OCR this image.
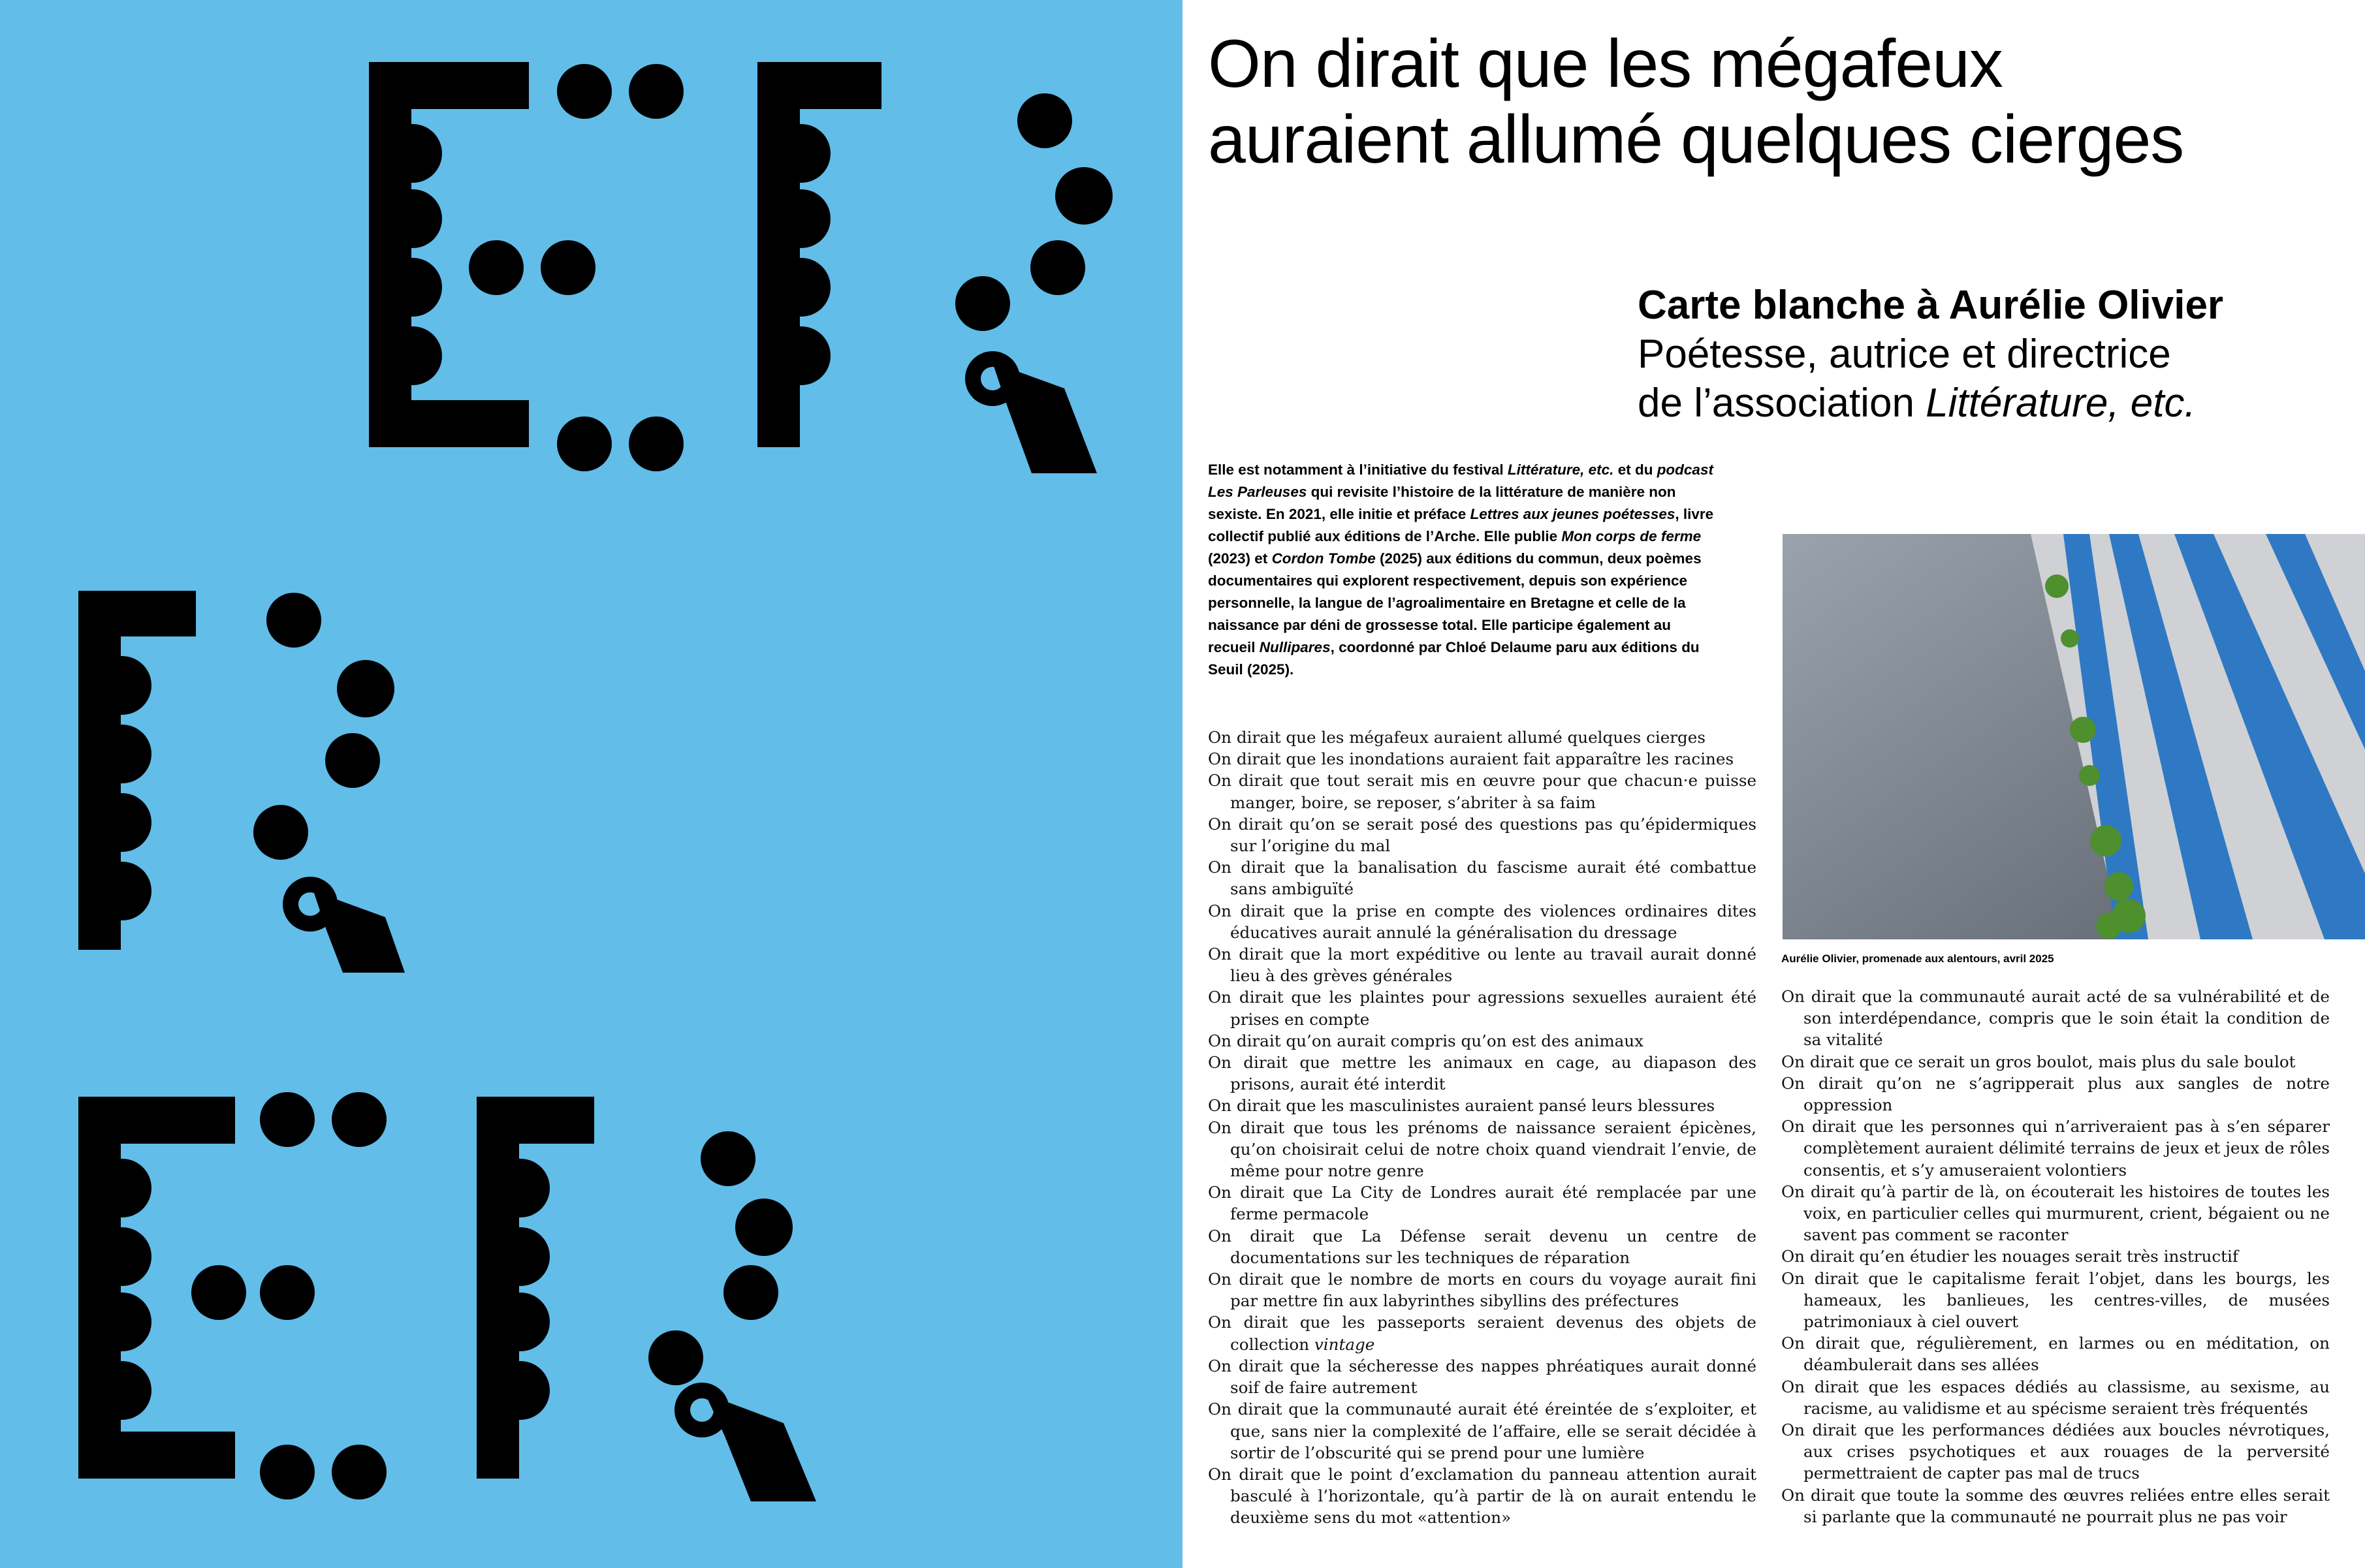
On dirait que les mégafeux
auraient allumé quelques cierges
Carte blanche à Aurélie Olivier
Poétesse, autrice et directrice
de l’association Littérature, etc.

Elle est notamment à l’initiative du festival Littérature, etc. et du podcast Les Parleuses qui revisite l’histoire de la littérature de manière non sexiste. En 2021, elle initie et préface Lettres aux jeunes poétesses, livre collectif publié aux éditions de l’Arche. Elle publie Mon corps de ferme (2023) et Cordon Tombe (2025) aux éditions du commun, deux poèmes documentaires qui explorent respectivement, depuis son expérience personnelle, la langue de l’agroalimentaire en Bretagne et celle de la naissance par déni de grossesse total. Elle participe également au recueil Nullipares, coordonné par Chloé Delaume paru aux éditions du Seuil (2025).

Aurélie Olivier, promenade aux alentours, avril 2025
On dirait que les mégafeux auraient allumé quelques cierges
On dirait que les inondations auraient fait apparaître les racines
On dirait que tout serait mis en œuvre pour que chacun·e puisse manger, boire, se reposer, s’abriter à sa faim
On dirait qu’on se serait posé des questions pas qu’épidermiques sur l’origine du mal
On dirait que la banalisation du fascisme aurait été combattue sans ambiguïté
On dirait que la prise en compte des violences ordinaires dites éducatives aurait annulé la généralisation du dressage
On dirait que la mort expéditive ou lente au travail aurait donné lieu à des grèves générales
On dirait que les plaintes pour agressions sexuelles auraient été prises en compte
On dirait qu’on aurait compris qu’on est des animaux
On dirait que mettre les animaux en cage, au diapason des prisons, aurait été interdit
On dirait que les masculinistes auraient pansé leurs blessures
On dirait que tous les prénoms de naissance seraient épicènes, qu’on choisirait celui de notre choix quand viendrait l’envie, de même pour notre genre
On dirait que La City de Londres aurait été remplacée par une ferme permacole
On dirait que La Défense serait devenu un centre de documentations sur les techniques de réparation
On dirait que le nombre de morts en cours du voyage aurait fini par mettre fin aux labyrinthes sibyllins des préfectures
On dirait que les passeports seraient devenus des objets de collection vintage
On dirait que la sécheresse des nappes phréatiques aurait donné soif de faire autrement
On dirait que la communauté aurait été éreintée de s’exploiter, et que, sans nier la complexité de l’affaire, elle se serait décidée à sortir de l’obscurité qui se prend pour une lumière
On dirait que le point d’exclamation du panneau attention aurait basculé à l’horizontale, qu’à partir de là on aurait entendu le deuxième sens du mot «attention»
On dirait que la communauté aurait acté de sa vulnérabilité et de son interdépendance, compris que le soin était la condition de sa vitalité
On dirait que ce serait un gros boulot, mais plus du sale boulot
On dirait qu’on ne s’agripperait plus aux sangles de notre oppression
On dirait que les personnes qui n’arriveraient pas à s’en séparer complètement auraient délimité terrains de jeux et jeux de rôles consentis, et s’y amuseraient volontiers
On dirait qu’à partir de là, on écouterait les histoires de toutes les voix, en particulier celles qui murmurent, crient, bégaient ou ne savent pas comment se raconter
On dirait qu’en étudier les nouages serait très instructif
On dirait que le capitalisme ferait l’objet, dans les bourgs, les hameaux, les banlieues, les centres-villes, de musées patrimoniaux à ciel ouvert
On dirait que, régulièrement, en larmes ou en méditation, on déambulerait dans ses allées
On dirait que les espaces dédiés au classisme, au sexisme, au racisme, au validisme et au spécisme seraient très fréquentés
On dirait que les performances dédiées aux boucles névrotiques, aux crises psychotiques et aux rouages de la perversité permettraient de capter pas mal de trucs
On dirait que toute la somme des œuvres reliées entre elles serait si parlante que la communauté ne pourrait plus ne pas voir
